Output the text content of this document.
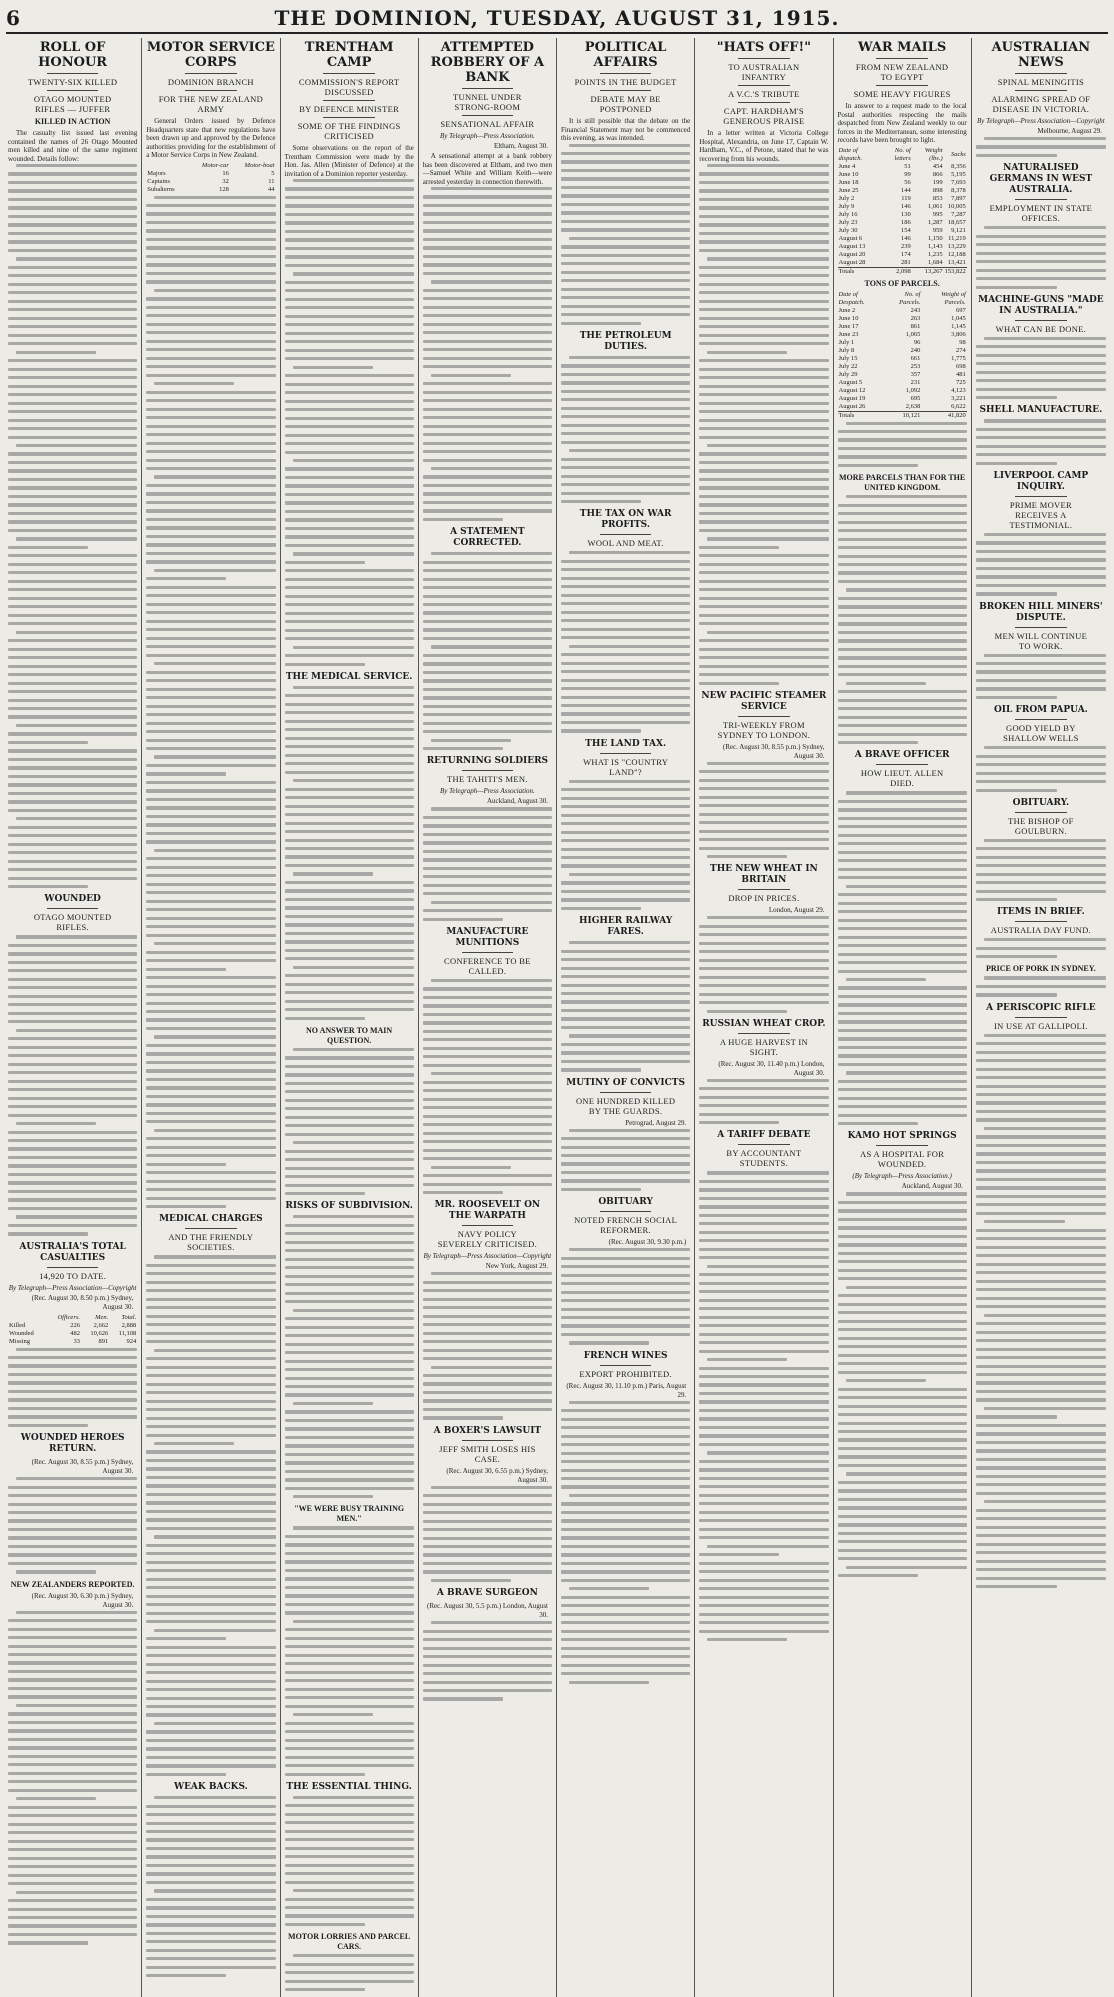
6	THE DOMINION, TUESDAY, AUGUST 31, 1915.
ROLL OF HONOUR
TWENTY-SIX KILLED
OTAGO MOUNTED RIFLES — JUFFER
KILLED IN ACTION

The casualty list issued last evening contained the names of 26 Otago Mounted men killed and nine of the same regiment wounded. Details follow:

WOUNDED
OTAGO MOUNTED RIFLES.
AUSTRALIA'S TOTAL CASUALTIES
14,920 TO DATE.
By Telegraph—Press Association—Copyright
(Rec. August 30, 8.50 p.m.) Sydney, August 30.
	Officers.	Men.	Total.
Killed	226	2,662	2,888
Wounded	482	10,626	11,108
Missing	33	891	924
WOUNDED HEROES RETURN.
(Rec. August 30, 8.55 p.m.) Sydney, August 30.
NEW ZEALANDERS REPORTED.
(Rec. August 30, 6.30 p.m.) Sydney, August 30.
MOTOR SERVICE CORPS
DOMINION BRANCH
FOR THE NEW ZEALAND ARMY

General Orders issued by Defence Headquarters state that new regulations have been drawn up and approved by the Defence authorities providing for the establishment of a Motor Service Corps in New Zealand.

	Motor-car	Motor-boat
Majors	16	5
Captains	32	11
Subalterns	128	44
MEDICAL CHARGES
AND THE FRIENDLY SOCIETIES.
WEAK BACKS.
TRENTHAM CAMP
COMMISSION'S REPORT DISCUSSED
BY DEFENCE MINISTER
SOME OF THE FINDINGS CRITICISED

Some observations on the report of the Trentham Commission were made by the Hon. Jas. Allen (Minister of Defence) at the invitation of a Dominion reporter yesterday.

THE MEDICAL SERVICE.
NO ANSWER TO MAIN QUESTION.
RISKS OF SUBDIVISION.
"WE WERE BUSY TRAINING MEN."
THE ESSENTIAL THING.
MOTOR LORRIES AND PARCEL CARS.
ATTEMPTED ROBBERY OF A BANK
TUNNEL UNDER STRONG-ROOM
SENSATIONAL AFFAIR
By Telegraph—Press Association.
Eltham, August 30.

A sensational attempt at a bank robbery has been discovered at Eltham, and two men—Samuel White and William Keith—were arrested yesterday in connection therewith.

A STATEMENT CORRECTED.
RETURNING SOLDIERS
THE TAHITI'S MEN.
By Telegraph—Press Association.
Auckland, August 30.
MANUFACTURE MUNITIONS
CONFERENCE TO BE CALLED.
MR. ROOSEVELT ON THE WARPATH
NAVY POLICY SEVERELY CRITICISED.
By Telegraph—Press Association—Copyright
New York, August 29.
A BOXER'S LAWSUIT
JEFF SMITH LOSES HIS CASE.
(Rec. August 30, 6.55 p.m.) Sydney, August 30.
A BRAVE SURGEON
(Rec. August 30, 5.5 p.m.) London, August 30.
POLITICAL AFFAIRS
POINTS IN THE BUDGET
DEBATE MAY BE POSTPONED

It is still possible that the debate on the Financial Statement may not be commenced this evening, as was intended.

THE PETROLEUM DUTIES.
THE TAX ON WAR PROFITS.
WOOL AND MEAT.
THE LAND TAX.
WHAT IS "COUNTRY LAND"?
HIGHER RAILWAY FARES.
MUTINY OF CONVICTS
ONE HUNDRED KILLED BY THE GUARDS.
Petrograd, August 29.
OBITUARY
NOTED FRENCH SOCIAL REFORMER.
(Rec. August 30, 9.30 p.m.)
FRENCH WINES
EXPORT PROHIBITED.
(Rec. August 30, 11.10 p.m.) Paris, August 29.
"HATS OFF!"
TO AUSTRALIAN INFANTRY
A V.C.'S TRIBUTE
CAPT. HARDHAM'S GENEROUS PRAISE

In a letter written at Victoria College Hospital, Alexandria, on June 17, Captain W. Hardham, V.C., of Petone, stated that he was recovering from his wounds.

NEW PACIFIC STEAMER SERVICE
TRI-WEEKLY FROM SYDNEY TO LONDON.
(Rec. August 30, 8.55 p.m.) Sydney, August 30.
THE NEW WHEAT IN BRITAIN
DROP IN PRICES.
London, August 29.
RUSSIAN WHEAT CROP.
A HUGE HARVEST IN SIGHT.
(Rec. August 30, 11.40 p.m.) London, August 30.
A TARIFF DEBATE
BY ACCOUNTANT STUDENTS.
WAR MAILS
FROM NEW ZEALAND TO EGYPT
SOME HEAVY FIGURES

In answer to a request made to the local Postal authorities respecting the mails despatched from New Zealand weekly to our forces in the Mediterranean, some interesting records have been brought to light.

Date of dispatch.	No. of letters	Weight (lbs.)	Sacks
June 4	51	454	8,356
June 10	99	866	5,195
June 18	56	199	7,693
June 25	144	898	8,378
July 2	119	853	7,897
July 9	146	1,061	10,005
July 16	130	995	7,287
July 23	186	1,287	18,657
July 30	154	959	9,121
August 6	146	1,150	11,219
August 13	239	1,143	13,229
August 20	174	1,235	12,188
August 28	281	1,684	13,421
Totals	2,098	13,267	153,822
TONS OF PARCELS.
Date of Despatch.	No. of Parcels.	Weight of Parcels.
June 2	243	697
June 10	263	1,045
June 17	861	1,145
June 23	1,065	3,806
July 1	96	98
July 8	240	274
July 15	661	1,775
July 22	253	698
July 29	357	481
August 5	231	725
August 12	1,092	4,123
August 19	695	3,221
August 26	2,638	6,622
Totals	10,121	41,820
MORE PARCELS THAN FOR THE UNITED KINGDOM.
A BRAVE OFFICER
HOW LIEUT. ALLEN DIED.
KAMO HOT SPRINGS
AS A HOSPITAL FOR WOUNDED.
(By Telegraph—Press Association.)
Auckland, August 30.
AUSTRALIAN NEWS
SPINAL MENINGITIS
ALARMING SPREAD OF DISEASE IN VICTORIA.
By Telegraph—Press Association—Copyright
Melbourne, August 29.
NATURALISED GERMANS IN WEST AUSTRALIA.
EMPLOYMENT IN STATE OFFICES.
MACHINE-GUNS "MADE IN AUSTRALIA."
WHAT CAN BE DONE.
SHELL MANUFACTURE.
LIVERPOOL CAMP INQUIRY.
PRIME MOVER RECEIVES A TESTIMONIAL.
BROKEN HILL MINERS' DISPUTE.
MEN WILL CONTINUE TO WORK.
OIL FROM PAPUA.
GOOD YIELD BY SHALLOW WELLS
OBITUARY.
THE BISHOP OF GOULBURN.
ITEMS IN BRIEF.
AUSTRALIA DAY FUND.
PRICE OF PORK IN SYDNEY.
A PERISCOPIC RIFLE
IN USE AT GALLIPOLI.
